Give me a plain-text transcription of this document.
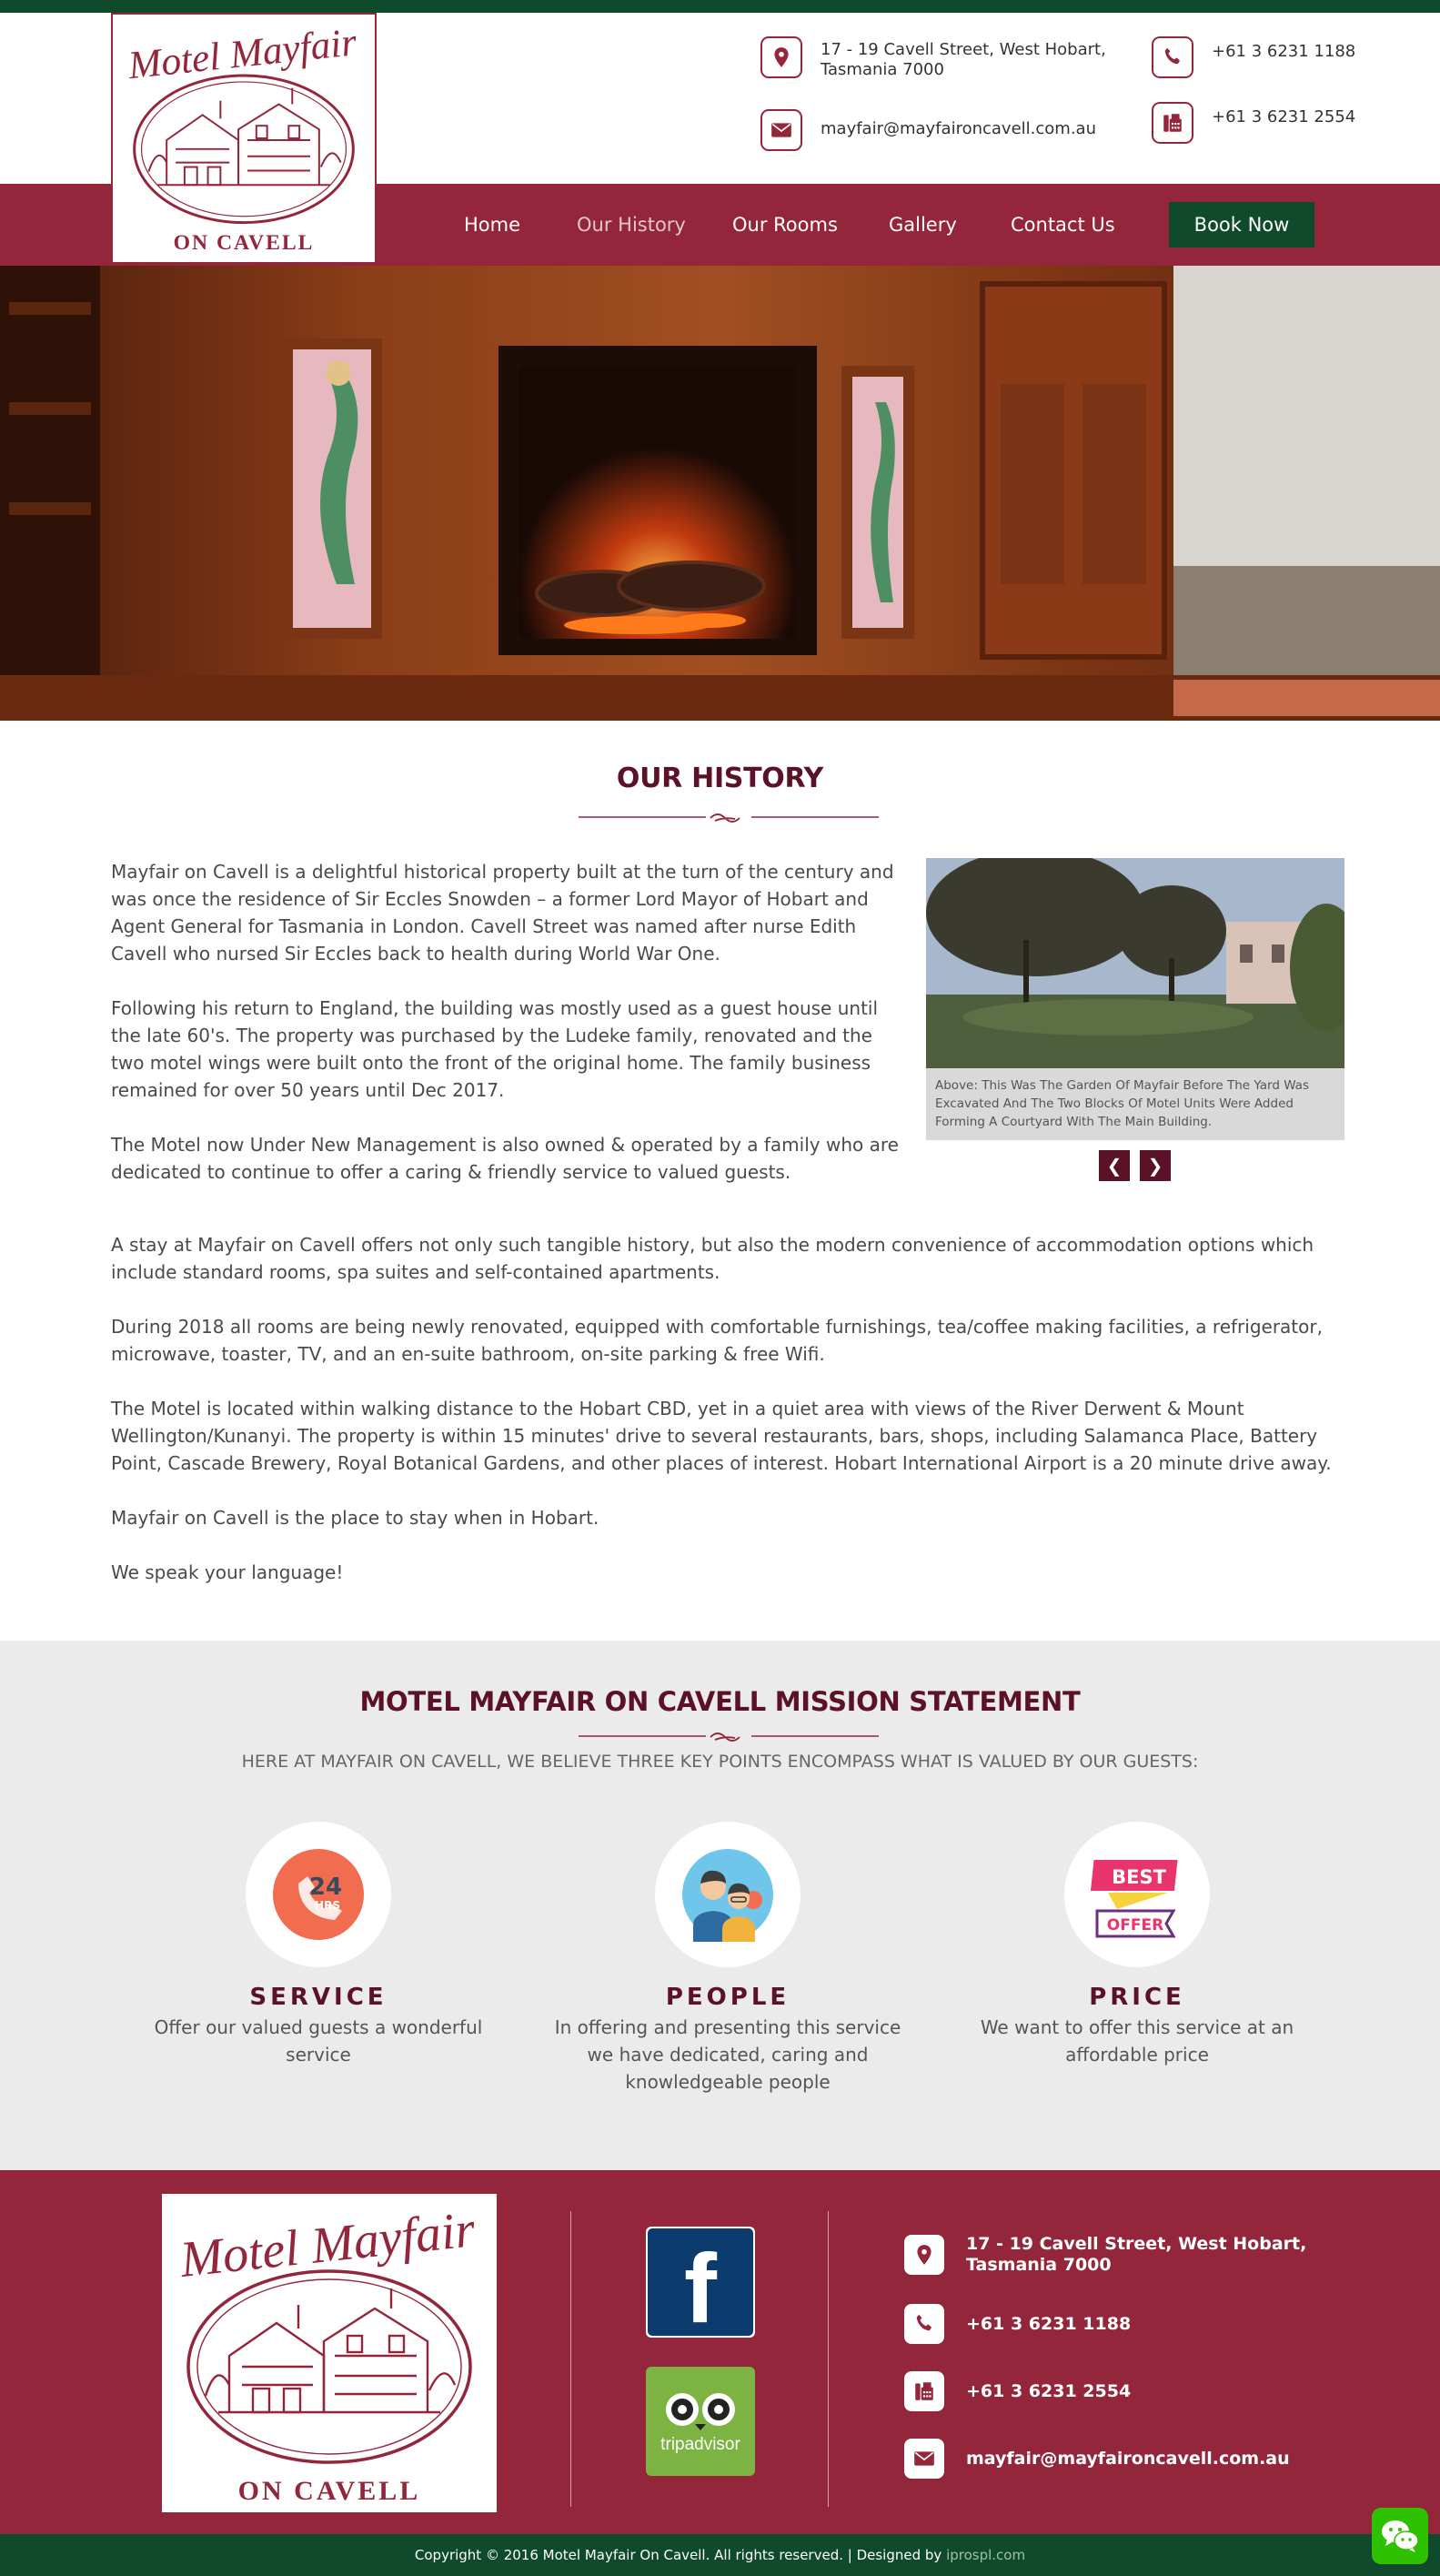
Motel Mayfair
ON CAVELL
17 - 19 Cavell Street, West Hobart,
Tasmania 7000
mayfair@mayfaironcavell.com.au
+61 3 6231 1188
+61 3 6231 2554
Home	Our History Our Rooms	Gallery	Contact Us	Book Now
OUR HISTORY

Mayfair on Cavell is a delightful historical property built at the turn of the century and was once the residence of Sir Eccles Snowden – a former Lord Mayor of Hobart and Agent General for Tasmania in London. Cavell Street was named after nurse Edith Cavell who nursed Sir Eccles back to health during World War One.

Following his return to England, the building was mostly used as a guest house until the late 60's. The property was purchased by the Ludeke family, renovated and the two motel wings were built onto the front of the original home. The family business remained for over 50 years until Dec 2017.

The Motel now Under New Management is also owned & operated by a family who are dedicated to continue to offer a caring & friendly service to valued guests.

Above: This Was The Garden Of Mayfair Before The Yard Was Excavated And The Two Blocks Of Motel Units Were Added Forming A Courtyard With The Main Building.
❮	❯

A stay at Mayfair on Cavell offers not only such tangible history, but also the modern convenience of accommodation options which include standard rooms, spa suites and self-contained apartments.

During 2018 all rooms are being newly renovated, equipped with comfortable furnishings, tea/coffee making facilities, a refrigerator, microwave, toaster, TV, and an en-suite bathroom, on-site parking & free Wifi.

The Motel is located within walking distance to the Hobart CBD, yet in a quiet area with views of the River Derwent & Mount Wellington/Kunanyi. The property is within 15 minutes' drive to several restaurants, bars, shops, including Salamanca Place, Battery Point, Cascade Brewery, Royal Botanical Gardens, and other places of interest. Hobart International Airport is a 20 minute drive away.

Mayfair on Cavell is the place to stay when in Hobart.

We speak your language!

MOTEL MAYFAIR ON CAVELL MISSION STATEMENT
HERE AT MAYFAIR ON CAVELL, WE BELIEVE THREE KEY POINTS ENCOMPASS WHAT IS VALUED BY OUR GUESTS:
24
HRS
SERVICE
Offer our valued guests a wonderful service
PEOPLE
In offering and presenting this service we have dedicated, caring and knowledgeable people
BEST
OFFER
PRICE
We want to offer this service at an affordable price
Motel Mayfair
ON CAVELL
f
tripadvisor
17 - 19 Cavell Street, West Hobart,
Tasmania 7000
+61 3 6231 1188
+61 3 6231 2554
mayfair@mayfaironcavell.com.au
Copyright © 2016 Motel Mayfair On Cavell. All rights reserved. | Designed by iprospl.com
